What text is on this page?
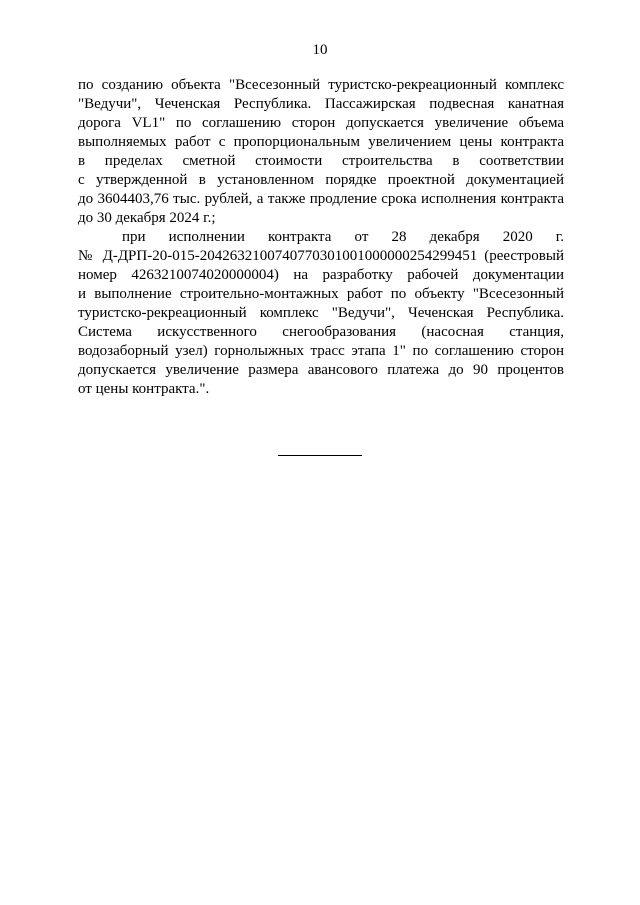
10
по созданию объекта "Всесезонный туристско-рекреационный комплекс
"Ведучи", Чеченская Республика. Пассажирская подвесная канатная
дорога VL1" по соглашению сторон допускается увеличение объема
выполняемых работ с пропорциональным увеличением цены контракта
в пределах сметной стоимости строительства в соответствии
с утвержденной в установленном порядке проектной документацией
до 3604403,76 тыс. рублей, а также продление срока исполнения контракта
до 30 декабря 2024 г.;
при исполнении контракта от 28 декабря 2020 г.
№ Д-ДРП-20-015-2042632100740770301001000000254299451 (реестровый
номер 4263210074020000004) на разработку рабочей документации
и выполнение строительно-монтажных работ по объекту "Всесезонный
туристско-рекреационный комплекс "Ведучи", Чеченская Республика.
Система искусственного снегообразования (насосная станция,
водозаборный узел) горнолыжных трасс этапа 1" по соглашению сторон
допускается увеличение размера авансового платежа до 90 процентов
от цены контракта.".
